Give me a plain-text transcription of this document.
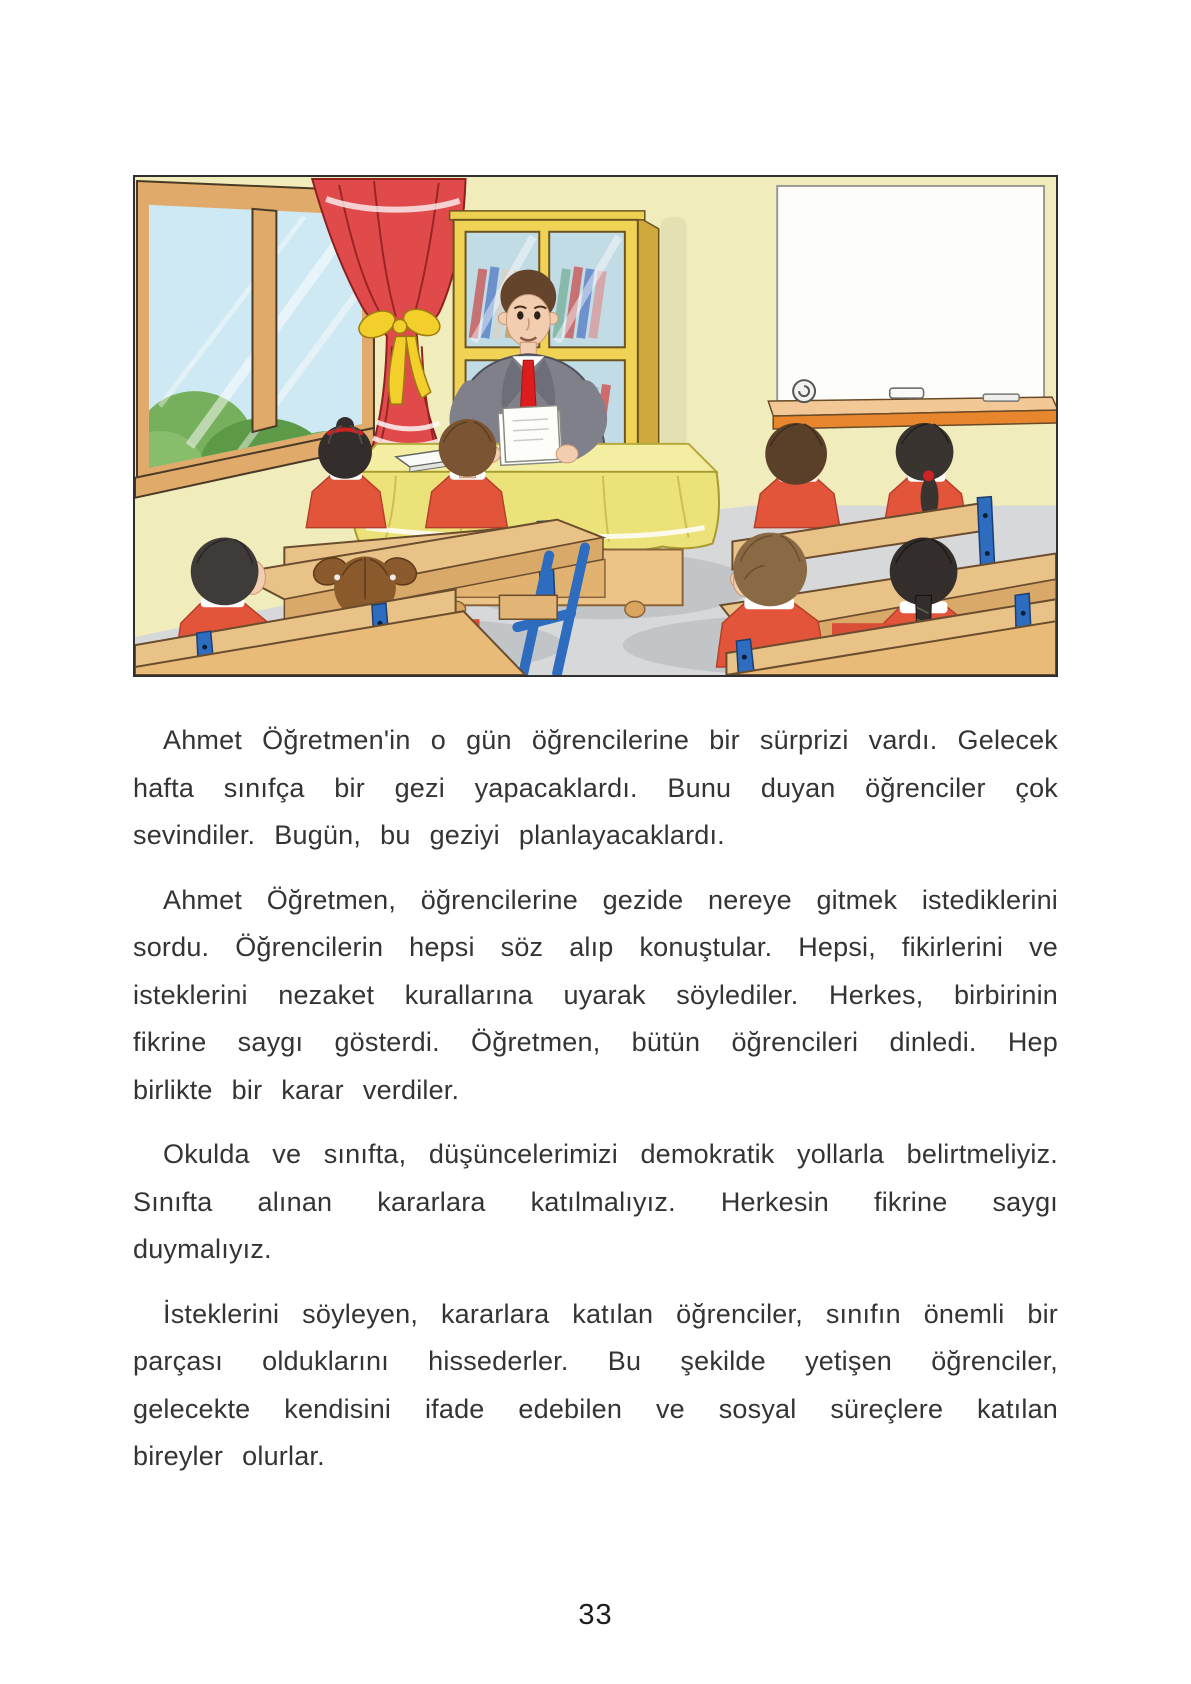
Ahmet Öğretmen'in o gün öğrencilerine bir sürprizi vardı. Gelecek hafta sınıfça bir gezi yapacaklardı. Bunu duyan öğrenciler çok sevindiler. Bugün, bu geziyi planlayacaklardı.

Ahmet Öğretmen, öğrencilerine gezide nereye gitmek istediklerini sordu. Öğrencilerin hepsi söz alıp konuştular. Hepsi, fikirlerini ve isteklerini nezaket kurallarına uyarak söylediler. Herkes, birbirinin fikrine saygı gösterdi. Öğretmen, bütün öğrencileri dinledi. Hep birlikte bir karar verdiler.

Okulda ve sınıfta, düşüncelerimizi demokratik yollarla belirtmeliyiz. Sınıfta alınan kararlara katılmalıyız. Herkesin fikrine saygı duymalıyız.

İsteklerini söyleyen, kararlara katılan öğrenciler, sınıfın önemli bir parçası olduklarını hissederler. Bu şekilde yetişen öğrenciler, gelecekte kendisini ifade edebilen ve sosyal süreçlere katılan bireyler olurlar.

33
